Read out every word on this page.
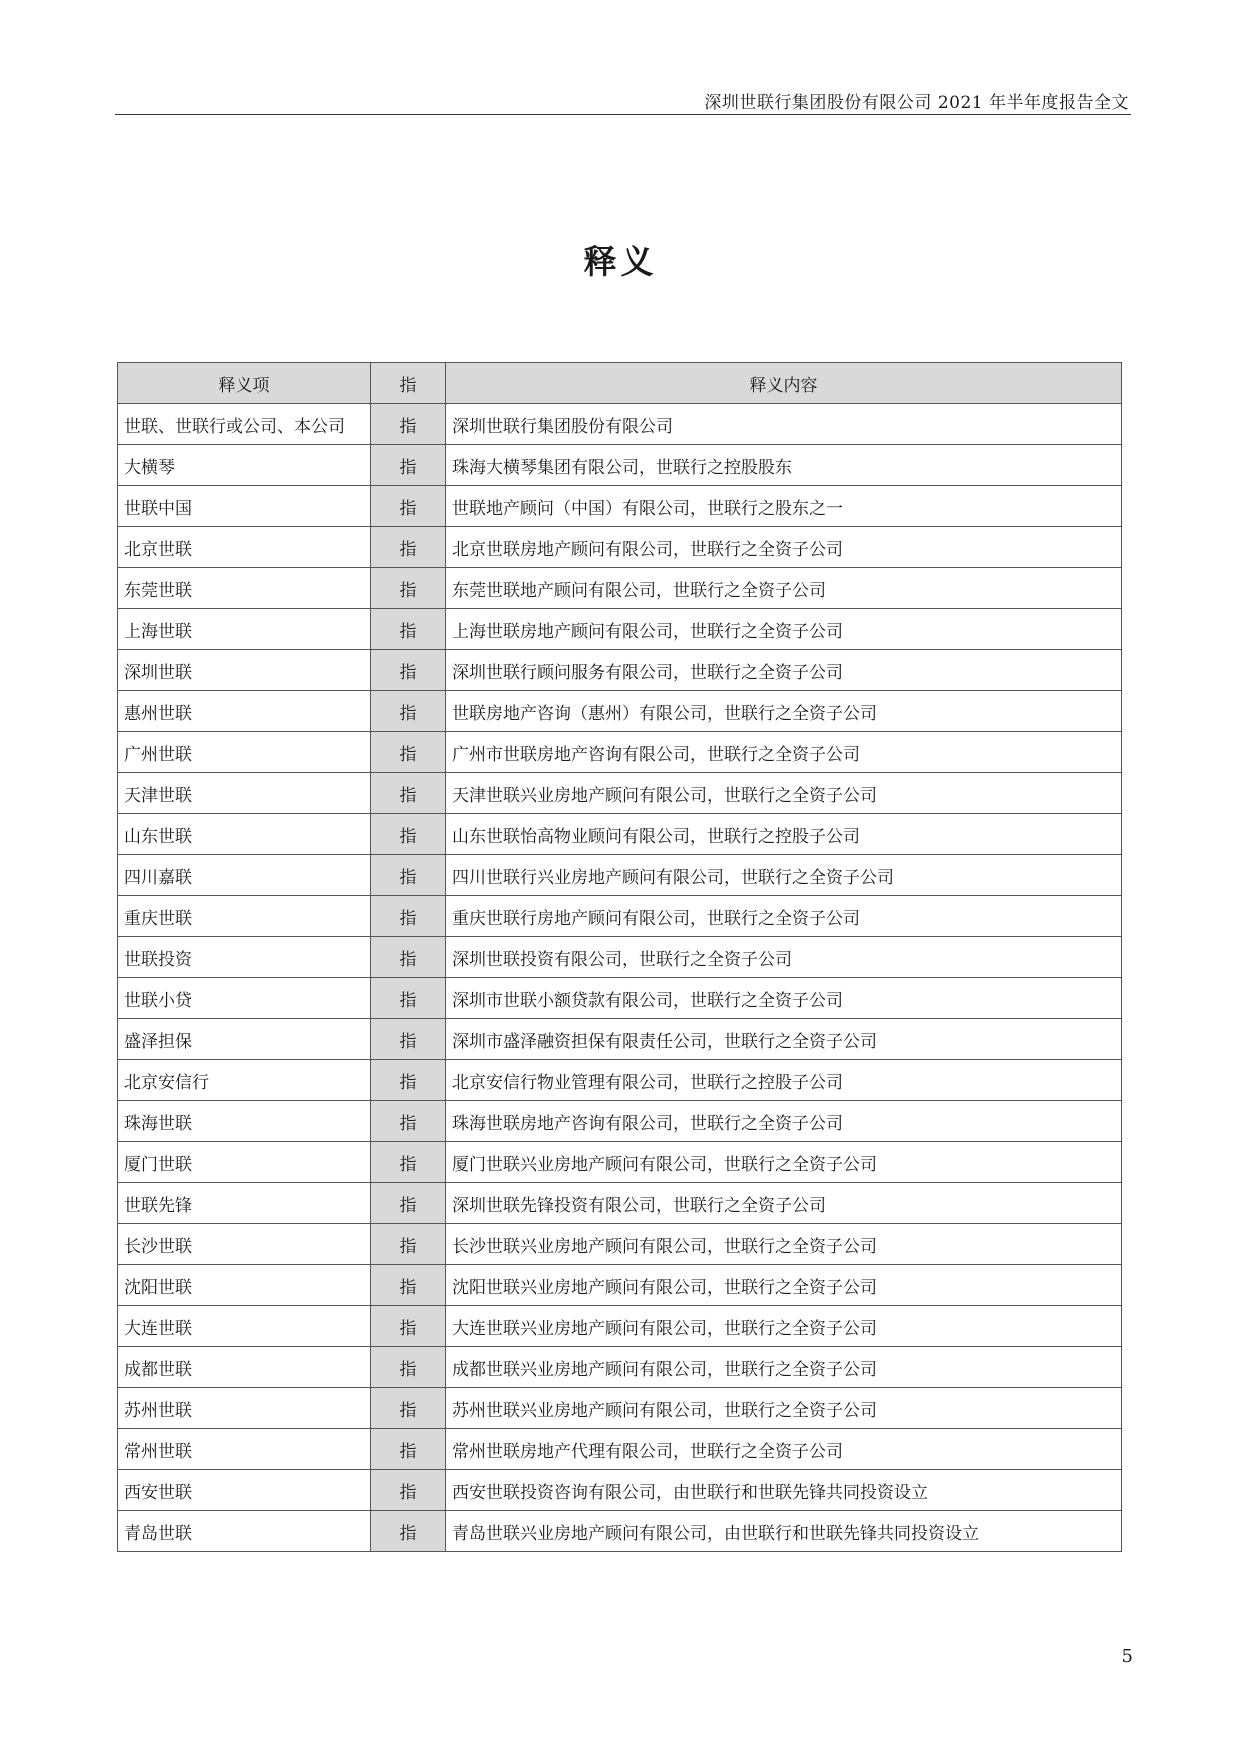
深圳世联行集团股份有限公司 2021 年半年度报告全文
释义
释义项	指	释义内容
世联、世联行或公司、本公司	指	深圳世联行集团股份有限公司
大横琴	指	珠海大横琴集团有限公司，世联行之控股股东
世联中国	指	世联地产顾问（中国）有限公司，世联行之股东之一
北京世联	指	北京世联房地产顾问有限公司，世联行之全资子公司
东莞世联	指	东莞世联地产顾问有限公司，世联行之全资子公司
上海世联	指	上海世联房地产顾问有限公司，世联行之全资子公司
深圳世联	指	深圳世联行顾问服务有限公司，世联行之全资子公司
惠州世联	指	世联房地产咨询（惠州）有限公司，世联行之全资子公司
广州世联	指	广州市世联房地产咨询有限公司，世联行之全资子公司
天津世联	指	天津世联兴业房地产顾问有限公司，世联行之全资子公司
山东世联	指	山东世联怡高物业顾问有限公司，世联行之控股子公司
四川嘉联	指	四川世联行兴业房地产顾问有限公司，世联行之全资子公司
重庆世联	指	重庆世联行房地产顾问有限公司，世联行之全资子公司
世联投资	指	深圳世联投资有限公司，世联行之全资子公司
世联小贷	指	深圳市世联小额贷款有限公司，世联行之全资子公司
盛泽担保	指	深圳市盛泽融资担保有限责任公司，世联行之全资子公司
北京安信行	指	北京安信行物业管理有限公司，世联行之控股子公司
珠海世联	指	珠海世联房地产咨询有限公司，世联行之全资子公司
厦门世联	指	厦门世联兴业房地产顾问有限公司，世联行之全资子公司
世联先锋	指	深圳世联先锋投资有限公司，世联行之全资子公司
长沙世联	指	长沙世联兴业房地产顾问有限公司，世联行之全资子公司
沈阳世联	指	沈阳世联兴业房地产顾问有限公司，世联行之全资子公司
大连世联	指	大连世联兴业房地产顾问有限公司，世联行之全资子公司
成都世联	指	成都世联兴业房地产顾问有限公司，世联行之全资子公司
苏州世联	指	苏州世联兴业房地产顾问有限公司，世联行之全资子公司
常州世联	指	常州世联房地产代理有限公司，世联行之全资子公司
西安世联	指	西安世联投资咨询有限公司，由世联行和世联先锋共同投资设立
青岛世联	指	青岛世联兴业房地产顾问有限公司，由世联行和世联先锋共同投资设立
5
